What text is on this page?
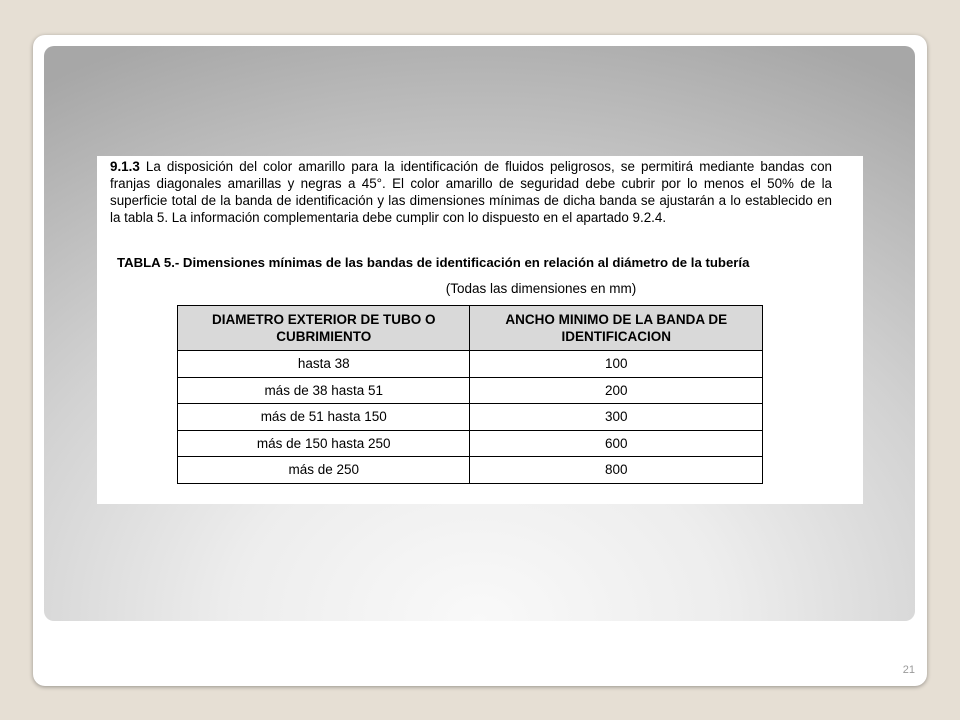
9.1.3 La disposición del color amarillo para la identificación de fluidos peligrosos, se permitirá mediante bandas con franjas diagonales amarillas y negras a 45°. El color amarillo de seguridad debe cubrir por lo menos el 50% de la superficie total de la banda de identificación y las dimensiones mínimas de dicha banda se ajustarán a lo establecido en la tabla 5. La información complementaria debe cumplir con lo dispuesto en el apartado 9.2.4.

TABLA 5.- Dimensiones mínimas de las bandas de identificación en relación al diámetro de la tubería

(Todas las dimensiones en mm)

DIAMETRO EXTERIOR DE TUBO O CUBRIMIENTO	ANCHO MINIMO DE LA BANDA DE IDENTIFICACION
hasta 38	100
más de 38 hasta 51	200
más de 51 hasta 150	300
más de 150 hasta 250	600
más de 250	800
21
